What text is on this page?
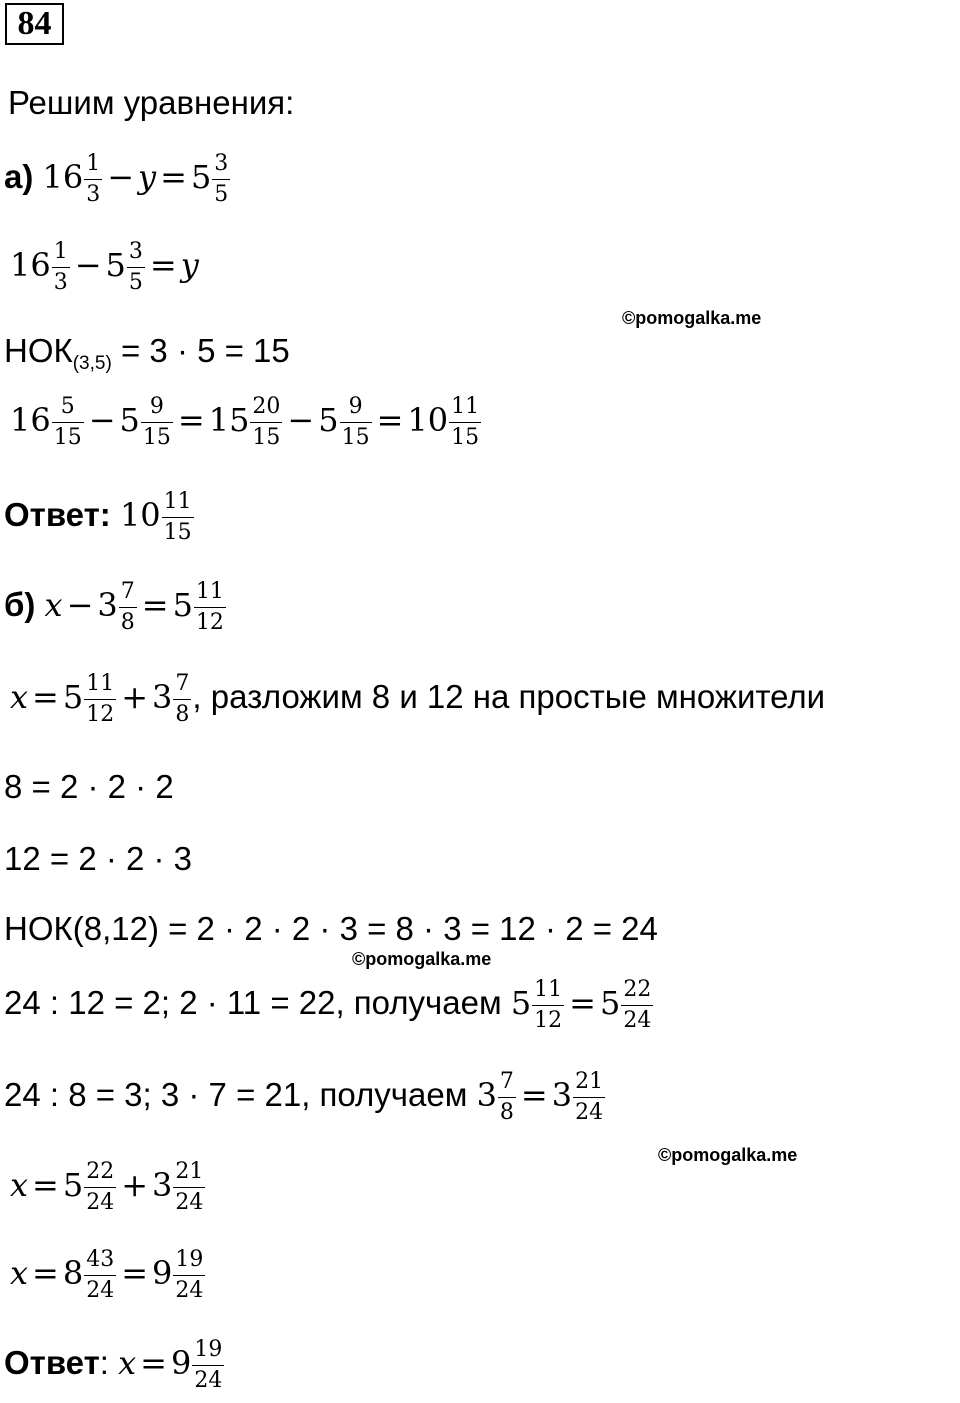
84
Решим уравнения:
а) $16 \frac{1}{3} - y = 5 \frac{3}{5}$
$16 \frac{1}{3} - 5 \frac{3}{5} = y$
©pomogalka.me
$НОК_{(3,5)} = 3 \cdot 5 = 15$
$16 \frac{5}{15} - 5 \frac{9}{15} = 15 \frac{20}{15} - 5 \frac{9}{15} = 10 \frac{11}{15}$
Ответ: $10 \frac{11}{15}$
б) $x - 3 \frac{7}{8} = 5 \frac{11}{12}$
$x = 5 \frac{11}{12} + 3 \frac{7}{8}$ , разложим 8 и 12 на простые множители
8 = 2 · 2 · 2
12 = 2 · 2 · 3
НОК(8,12) = 2 · 2 · 2 · 3 = 8 · 3 = 12 · 2 = 24
©pomogalka.me
24 : 12 = 2; 2 · 11 = 22, получаем $5 \frac{11}{12} = 5 \frac{22}{24}$
24 : 8 = 3; 3 · 7 = 21, получаем $3 \frac{7}{8} = 3 \frac{21}{24}$
©pomogalka.me
$x = 5 \frac{22}{24} + 3 \frac{21}{24}$
$x = 8 \frac{43}{24} = 9 \frac{19}{24}$
Ответ: $x = 9 \frac{19}{24}$
